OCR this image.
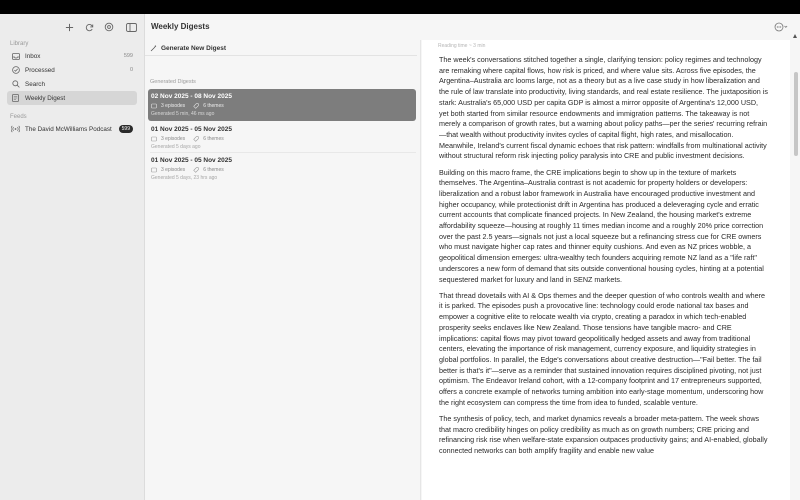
Library
Inbox	599
Processed	0
Search
Weekly Digest
Feeds
The David McWilliams Podcast	599
Weekly Digests
Generate New Digest
Generated Digests
02 Nov 2025 - 08 Nov 2025
3 episodes	6 themes
Generated 5 min, 46 ms ago
01 Nov 2025 - 05 Nov 2025
3 episodes	6 themes
Generated 5 days ago
01 Nov 2025 - 05 Nov 2025
3 episodes	6 themes
Generated 5 days, 23 hrs ago
Reading time ~ 3 min

The week's conversations stitched together a single, clarifying tension: policy regimes and technology are remaking where capital flows, how risk is priced, and where value sits. Across five episodes, the Argentina–Australia arc looms large, not as a theory but as a live case study in how liberalization and the rule of law translate into productivity, living standards, and real estate resilience. The juxtaposition is stark: Australia's 65,000 USD per capita GDP is almost a mirror opposite of Argentina's 12,000 USD, yet both started from similar resource endowments and immigration patterns. The takeaway is not merely a comparison of growth rates, but a warning about policy paths—per the series' recurring refrain—that wealth without productivity invites cycles of capital flight, high rates, and misallocation. Meanwhile, Ireland's current fiscal dynamic echoes that risk pattern: windfalls from multinational activity without structural reform risk injecting policy paralysis into CRE and public investment decisions.

Building on this macro frame, the CRE implications begin to show up in the texture of markets themselves. The Argentina–Australia contrast is not academic for property holders or developers: liberalization and a robust labor framework in Australia have encouraged productive investment and higher occupancy, while protectionist drift in Argentina has produced a deleveraging cycle and erratic current accounts that complicate financed projects. In New Zealand, the housing market's extreme affordability squeeze—housing at roughly 11 times median income and a roughly 20% price correction over the past 2.5 years—signals not just a local squeeze but a refinancing stress cue for CRE owners who must navigate higher cap rates and thinner equity cushions. And even as NZ prices wobble, a geopolitical dimension emerges: ultra-wealthy tech founders acquiring remote NZ land as a "life raft" underscores a new form of demand that sits outside conventional housing cycles, hinting at a potential sequestered market for luxury and land in SENZ markets.

That thread dovetails with AI & Ops themes and the deeper question of who controls wealth and where it is parked. The episodes push a provocative line: technology could erode national tax bases and empower a cognitive elite to relocate wealth via crypto, creating a paradox in which tech-enabled prosperity seeks enclaves like New Zealand. Those tensions have tangible macro- and CRE implications: capital flows may pivot toward geopolitically hedged assets and away from traditional centers, elevating the importance of risk management, currency exposure, and liquidity strategies in global portfolios. In parallel, the Edge's conversations about creative destruction—"Fail better. The fail better is that's it"—serve as a reminder that sustained innovation requires disciplined pivoting, not just optimism. The Endeavor Ireland cohort, with a 12-company footprint and 17 entrepreneurs supported, offers a concrete example of networks turning ambition into early-stage momentum, underscoring how the right ecosystem can compress the time from idea to funded, scalable venture.

The synthesis of policy, tech, and market dynamics reveals a broader meta-pattern. The week shows that macro credibility hinges on policy credibility as much as on growth numbers; CRE pricing and refinancing risk rise when welfare-state expansion outpaces productivity gains; and AI-enabled, globally connected networks can both amplify fragility and enable new value
